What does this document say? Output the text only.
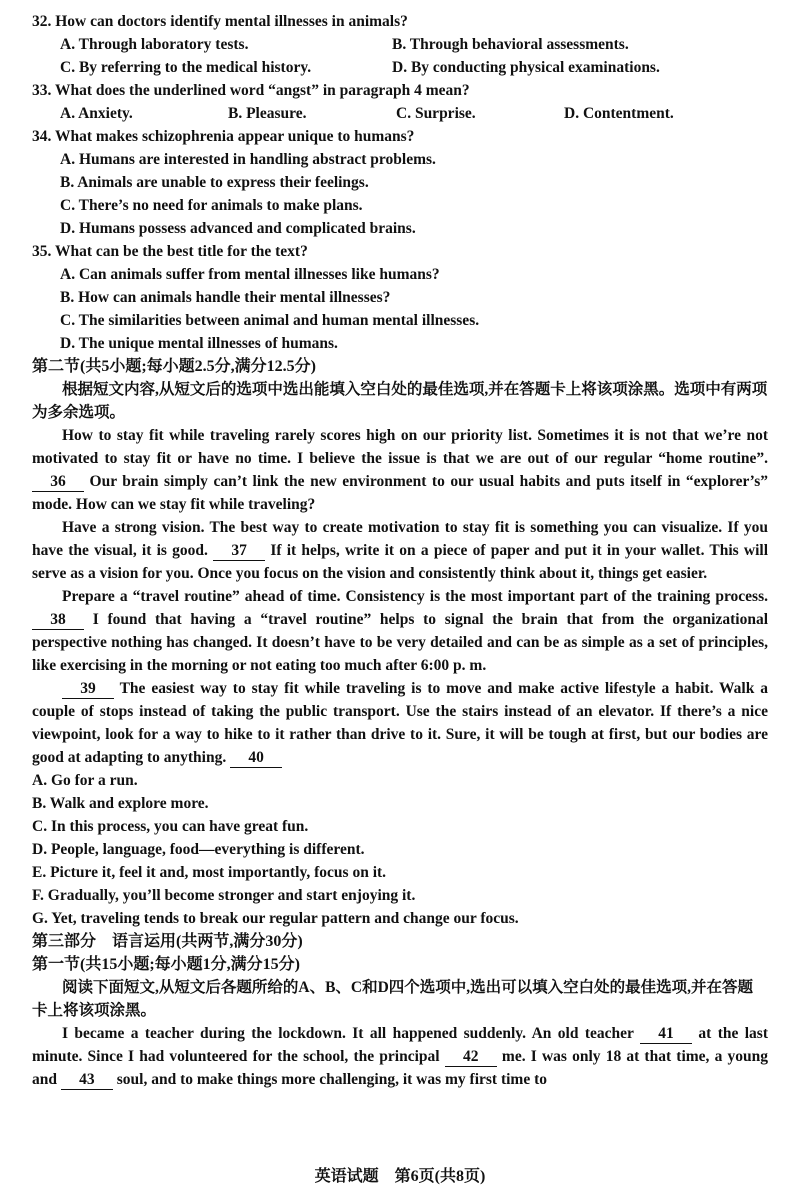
32. How can doctors identify mental illnesses in animals?
A. Through laboratory tests.	B. Through behavioral assessments.
C. By referring to the medical history.	D. By conducting physical examinations.
33. What does the underlined word “angst” in paragraph 4 mean?
A. Anxiety.	B. Pleasure.	C. Surprise.	D. Contentment.
34. What makes schizophrenia appear unique to humans?
A. Humans are interested in handling abstract problems.
B. Animals are unable to express their feelings.
C. There’s no need for animals to make plans.
D. Humans possess advanced and complicated brains.
35. What can be the best title for the text?
A. Can animals suffer from mental illnesses like humans?
B. How can animals handle their mental illnesses?
C. The similarities between animal and human mental illnesses.
D. The unique mental illnesses of humans.
第二节(共5小题;每小题2.5分,满分12.5分)
根据短文内容,从短文后的选项中选出能填入空白处的最佳选项,并在答题卡上将该项涂黑。选项中有两项为多余选项。

How to stay fit while traveling rarely scores high on our priority list. Sometimes it is not that we’re not motivated to stay fit or have no time. I believe the issue is that we are out of our regular “home routine”. 36 Our brain simply can’t link the new environment to our usual habits and puts itself in “explorer’s” mode. How can we stay fit while traveling?

Have a strong vision. The best way to create motivation to stay fit is something you can visualize. If you have the visual, it is good. 37 If it helps, write it on a piece of paper and put it in your wallet. This will serve as a vision for you. Once you focus on the vision and consistently think about it, things get easier.

Prepare a “travel routine” ahead of time. Consistency is the most important part of the training process. 38 I found that having a “travel routine” helps to signal the brain that from the organizational perspective nothing has changed. It doesn’t have to be very detailed and can be as simple as a set of principles, like exercising in the morning or not eating too much after 6:00 p. m.

39 The easiest way to stay fit while traveling is to move and make active lifestyle a habit. Walk a couple of stops instead of taking the public transport. Use the stairs instead of an elevator. If there’s a nice viewpoint, look for a way to hike to it rather than drive to it. Sure, it will be tough at first, but our bodies are good at adapting to anything. 40

A. Go for a run.
B. Walk and explore more.
C. In this process, you can have great fun.
D. People, language, food—everything is different.
E. Picture it, feel it and, most importantly, focus on it.
F. Gradually, you’ll become stronger and start enjoying it.
G. Yet, traveling tends to break our regular pattern and change our focus.
第三部分　语言运用(共两节,满分30分)
第一节(共15小题;每小题1分,满分15分)
阅读下面短文,从短文后各题所给的A、B、C和D四个选项中,选出可以填入空白处的最佳选项,并在答题卡上将该项涂黑。

I became a teacher during the lockdown. It all happened suddenly. An old teacher 41 at the last minute. Since I had volunteered for the school, the principal 42 me. I was only 18 at that time, a young and 43 soul, and to make things more challenging, it was my first time to

英语试题　第6页(共8页)
